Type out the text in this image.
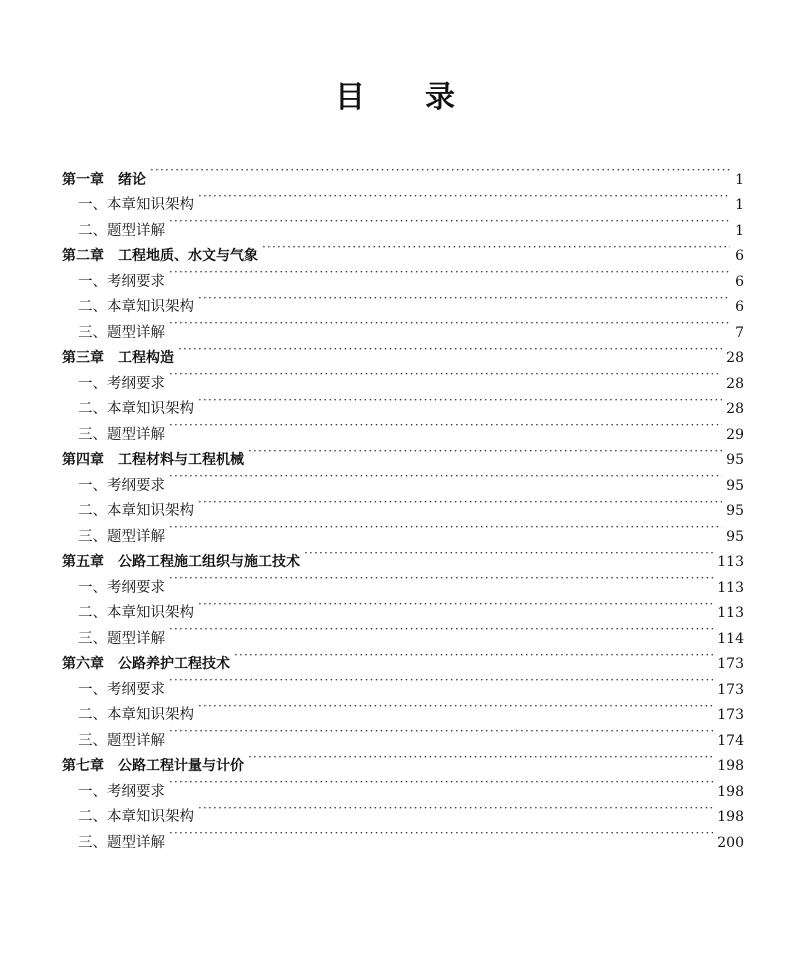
目 录
第一章 绪论 ·····	1
一、本章知识架构 ·····	1
二、题型详解 ·····	1
第二章 工程地质、水文与气象 ·····	6
一、考纲要求 ·····	6
二、本章知识架构 ·····	6
三、题型详解 ·····	7
第三章 工程构造 ·····	28
一、考纲要求 ·····	28
二、本章知识架构 ·····	28
三、题型详解 ·····	29
第四章 工程材料与工程机械 ·····	95
一、考纲要求 ·····	95
二、本章知识架构 ·····	95
三、题型详解 ·····	95
第五章 公路工程施工组织与施工技术 ·····	113
一、考纲要求 ·····	113
二、本章知识架构 ·····	113
三、题型详解 ·····	114
第六章 公路养护工程技术 ·····	173
一、考纲要求 ·····	173
二、本章知识架构 ·····	173
三、题型详解 ·····	174
第七章 公路工程计量与计价 ·····	198
一、考纲要求 ·····	198
二、本章知识架构 ·····	198
三、题型详解 ·····	200
